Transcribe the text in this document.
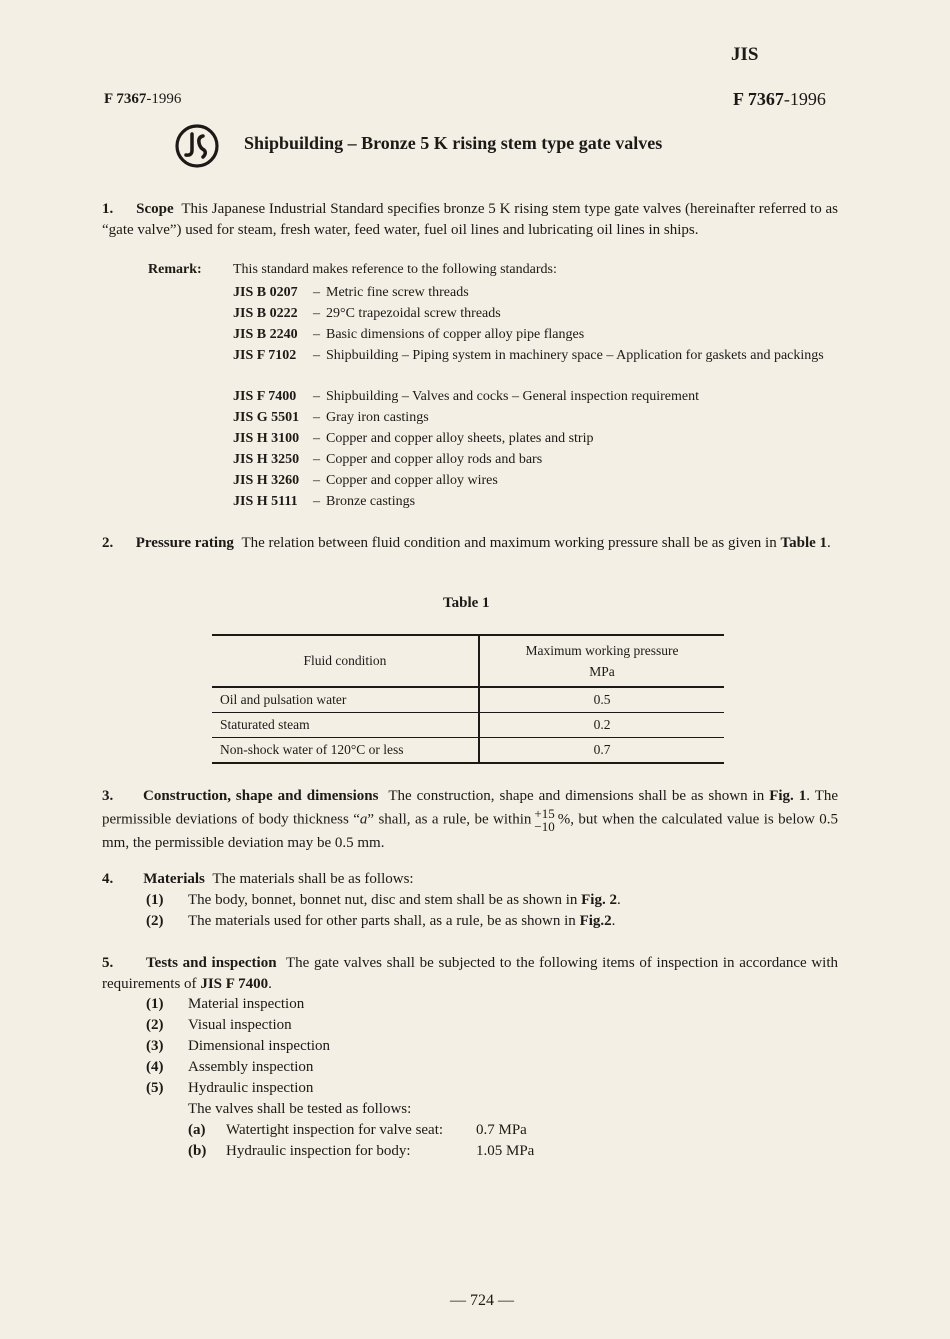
JIS
F 7367-1996	F 7367-1996
Shipbuilding – Bronze 5 K rising stem type gate valves
1. Scope This Japanese Industrial Standard specifies bronze 5 K rising stem type gate valves (hereinafter referred to as “gate valve”) used for steam, fresh water, feed water, fuel oil lines and lubricating oil lines in ships.
Remark: This standard makes reference to the following standards:
JIS B 0207 – Metric fine screw threads
JIS B 0222 – 29°C trapezoidal screw threads
JIS B 2240 – Basic dimensions of copper alloy pipe flanges
JIS F 7102 – Shipbuilding – Piping system in machinery space – Application for gaskets and packings
JIS F 7400 – Shipbuilding – Valves and cocks – General inspection requirement
JIS G 5501 – Gray iron castings
JIS H 3100 – Copper and copper alloy sheets, plates and strip
JIS H 3250 – Copper and copper alloy rods and bars
JIS H 3260 – Copper and copper alloy wires
JIS H 5111 – Bronze castings
2. Pressure rating The relation between fluid condition and maximum working pressure shall be as given in Table 1.
Table 1
Fluid condition	Maximum working pressure
MPa

Oil and pulsation water	0.5
Staturated steam	0.2
Non-shock water of 120°C or less	0.7
3. Construction, shape and dimensions The construction, shape and dimensions shall be as shown in Fig. 1. The permissible deviations of body thickness “a” shall, as a rule, be within +15
−10 %, but when the calculated value is below 0.5 mm, the permissible deviation may be 0.5 mm.
4. Materials The materials shall be as follows:
(1) The body, bonnet, bonnet nut, disc and stem shall be as shown in Fig. 2.
(2) The materials used for other parts shall, as a rule, be as shown in Fig.2.
5. Tests and inspection The gate valves shall be subjected to the following items of inspection in accordance with requirements of JIS F 7400.
(1) Material inspection
(2) Visual inspection
(3) Dimensional inspection
(4) Assembly inspection
(5) Hydraulic inspection
The valves shall be tested as follows:
(a) Watertight inspection for valve seat: 0.7 MPa

(b) Hydraulic inspection for body:	1.05 MPa

— 724 —
